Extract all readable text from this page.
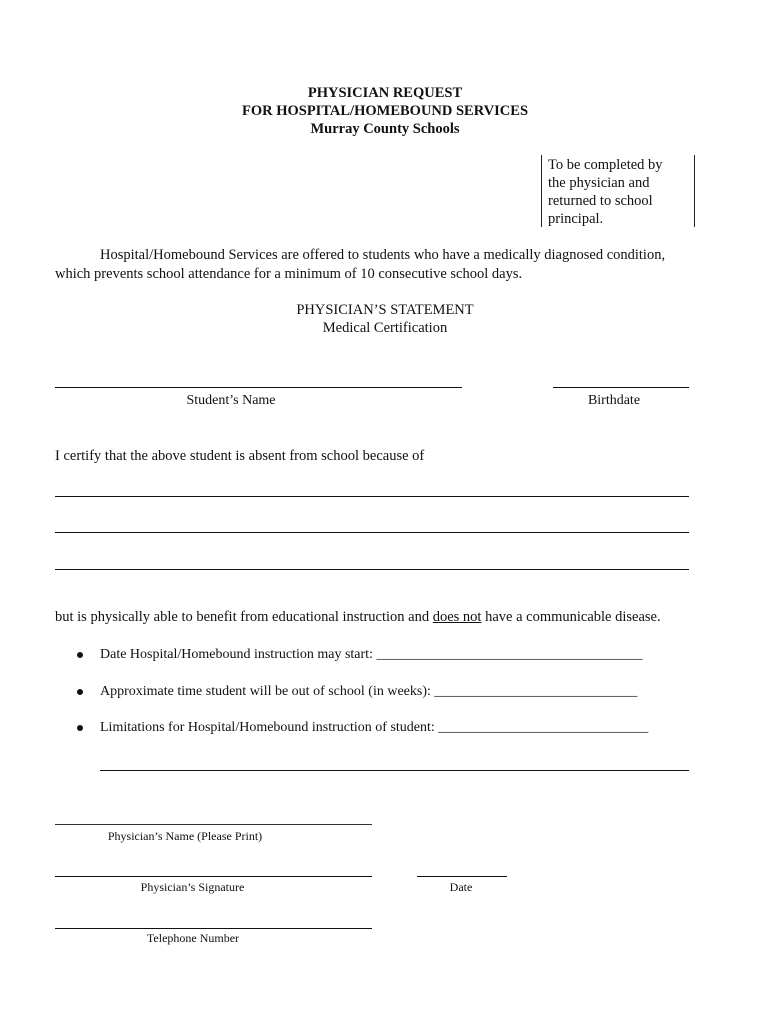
PHYSICIAN REQUEST
FOR HOSPITAL/HOMEBOUND SERVICES
Murray County Schools
To be completed by
the physician and
returned to school
principal.
Hospital/Homebound Services are offered to students who have a medically diagnosed condition,
which prevents school attendance for a minimum of 10 consecutive school days.
PHYSICIAN’S STATEMENT
Medical Certification
Student’s Name	Birthdate
I certify that the above student is absent from school because of
but is physically able to benefit from educational instruction and does not have a communicable disease.
Date Hospital/Homebound instruction may start: ______________________________________
Approximate time student will be out of school (in weeks): _____________________________
Limitations for Hospital/Homebound instruction of student: ______________________________
Physician’s Name (Please Print)
Physician’s Signature	Date
Telephone Number
